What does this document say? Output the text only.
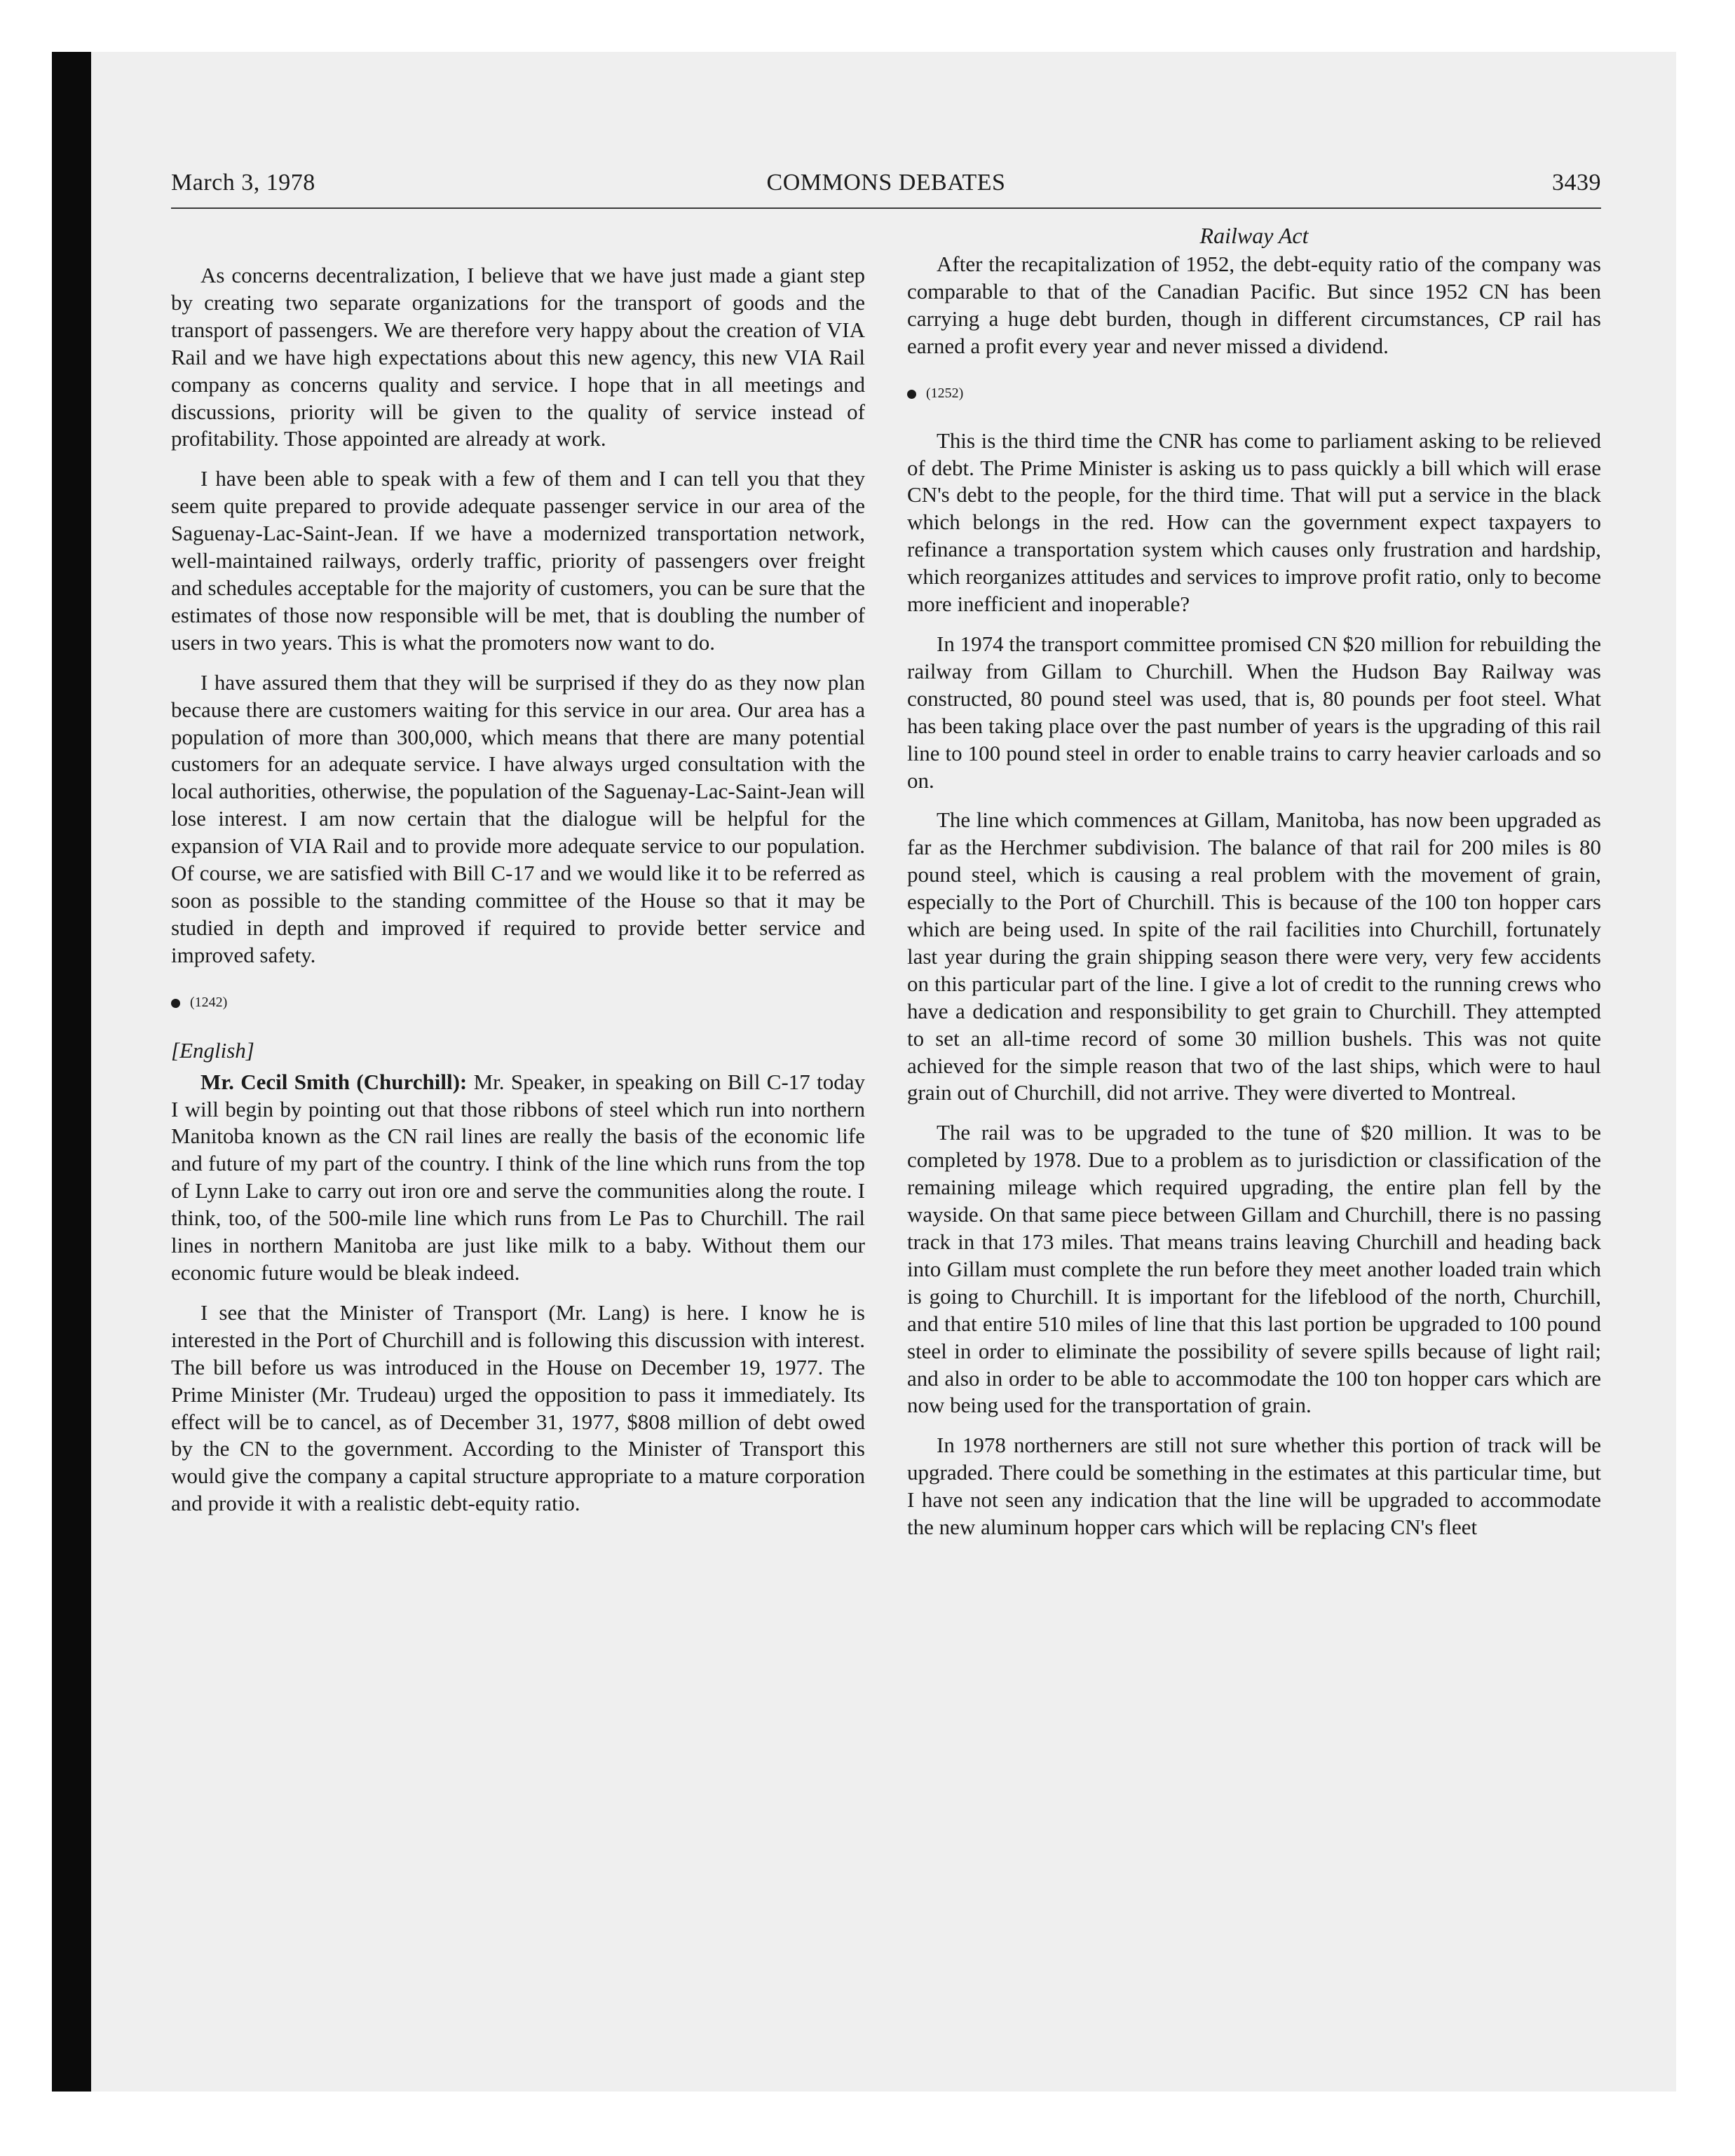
March 3, 1978	COMMONS DEBATES	3439

As concerns decentralization, I believe that we have just made a giant step by creating two separate organizations for the transport of goods and the transport of passengers. We are therefore very happy about the creation of VIA Rail and we have high expectations about this new agency, this new VIA Rail company as concerns quality and service. I hope that in all meetings and discussions, priority will be given to the quality of service instead of profitability. Those appointed are already at work.

I have been able to speak with a few of them and I can tell you that they seem quite prepared to provide adequate passenger service in our area of the Saguenay-Lac-Saint-Jean. If we have a modernized transportation network, well-maintained railways, orderly traffic, priority of passengers over freight and schedules acceptable for the majority of customers, you can be sure that the estimates of those now responsible will be met, that is doubling the number of users in two years. This is what the promoters now want to do.

I have assured them that they will be surprised if they do as they now plan because there are customers waiting for this service in our area. Our area has a population of more than 300,000, which means that there are many potential customers for an adequate service. I have always urged consultation with the local authorities, otherwise, the population of the Saguenay-Lac-Saint-Jean will lose interest. I am now certain that the dialogue will be helpful for the expansion of VIA Rail and to provide more adequate service to our population. Of course, we are satisfied with Bill C-17 and we would like it to be referred as soon as possible to the standing committee of the House so that it may be studied in depth and improved if required to provide better service and improved safety.

(1242)
[English]

Mr. Cecil Smith (Churchill): Mr. Speaker, in speaking on Bill C-17 today I will begin by pointing out that those ribbons of steel which run into northern Manitoba known as the CN rail lines are really the basis of the economic life and future of my part of the country. I think of the line which runs from the top of Lynn Lake to carry out iron ore and serve the communities along the route. I think, too, of the 500-mile line which runs from Le Pas to Churchill. The rail lines in northern Manitoba are just like milk to a baby. Without them our economic future would be bleak indeed.

I see that the Minister of Transport (Mr. Lang) is here. I know he is interested in the Port of Churchill and is following this discussion with interest. The bill before us was introduced in the House on December 19, 1977. The Prime Minister (Mr. Trudeau) urged the opposition to pass it immediately. Its effect will be to cancel, as of December 31, 1977, $808 million of debt owed by the CN to the government. According to the Minister of Transport this would give the company a capital structure appropriate to a mature corporation and provide it with a realistic debt-equity ratio.

Railway Act

After the recapitalization of 1952, the debt-equity ratio of the company was comparable to that of the Canadian Pacific. But since 1952 CN has been carrying a huge debt burden, though in different circumstances, CP rail has earned a profit every year and never missed a dividend.

(1252)

This is the third time the CNR has come to parliament asking to be relieved of debt. The Prime Minister is asking us to pass quickly a bill which will erase CN's debt to the people, for the third time. That will put a service in the black which belongs in the red. How can the government expect taxpayers to refinance a transportation system which causes only frustration and hardship, which reorganizes attitudes and services to improve profit ratio, only to become more inefficient and inoperable?

In 1974 the transport committee promised CN $20 million for rebuilding the railway from Gillam to Churchill. When the Hudson Bay Railway was constructed, 80 pound steel was used, that is, 80 pounds per foot steel. What has been taking place over the past number of years is the upgrading of this rail line to 100 pound steel in order to enable trains to carry heavier carloads and so on.

The line which commences at Gillam, Manitoba, has now been upgraded as far as the Herchmer subdivision. The balance of that rail for 200 miles is 80 pound steel, which is causing a real problem with the movement of grain, especially to the Port of Churchill. This is because of the 100 ton hopper cars which are being used. In spite of the rail facilities into Churchill, fortunately last year during the grain shipping season there were very, very few accidents on this particular part of the line. I give a lot of credit to the running crews who have a dedication and responsibility to get grain to Churchill. They attempted to set an all-time record of some 30 million bushels. This was not quite achieved for the simple reason that two of the last ships, which were to haul grain out of Churchill, did not arrive. They were diverted to Montreal.

The rail was to be upgraded to the tune of $20 million. It was to be completed by 1978. Due to a problem as to jurisdiction or classification of the remaining mileage which required upgrading, the entire plan fell by the wayside. On that same piece between Gillam and Churchill, there is no passing track in that 173 miles. That means trains leaving Churchill and heading back into Gillam must complete the run before they meet another loaded train which is going to Churchill. It is important for the lifeblood of the north, Churchill, and that entire 510 miles of line that this last portion be upgraded to 100 pound steel in order to eliminate the possibility of severe spills because of light rail; and also in order to be able to accommodate the 100 ton hopper cars which are now being used for the transportation of grain.

In 1978 northerners are still not sure whether this portion of track will be upgraded. There could be something in the estimates at this particular time, but I have not seen any indication that the line will be upgraded to accommodate the new aluminum hopper cars which will be replacing CN's fleet
